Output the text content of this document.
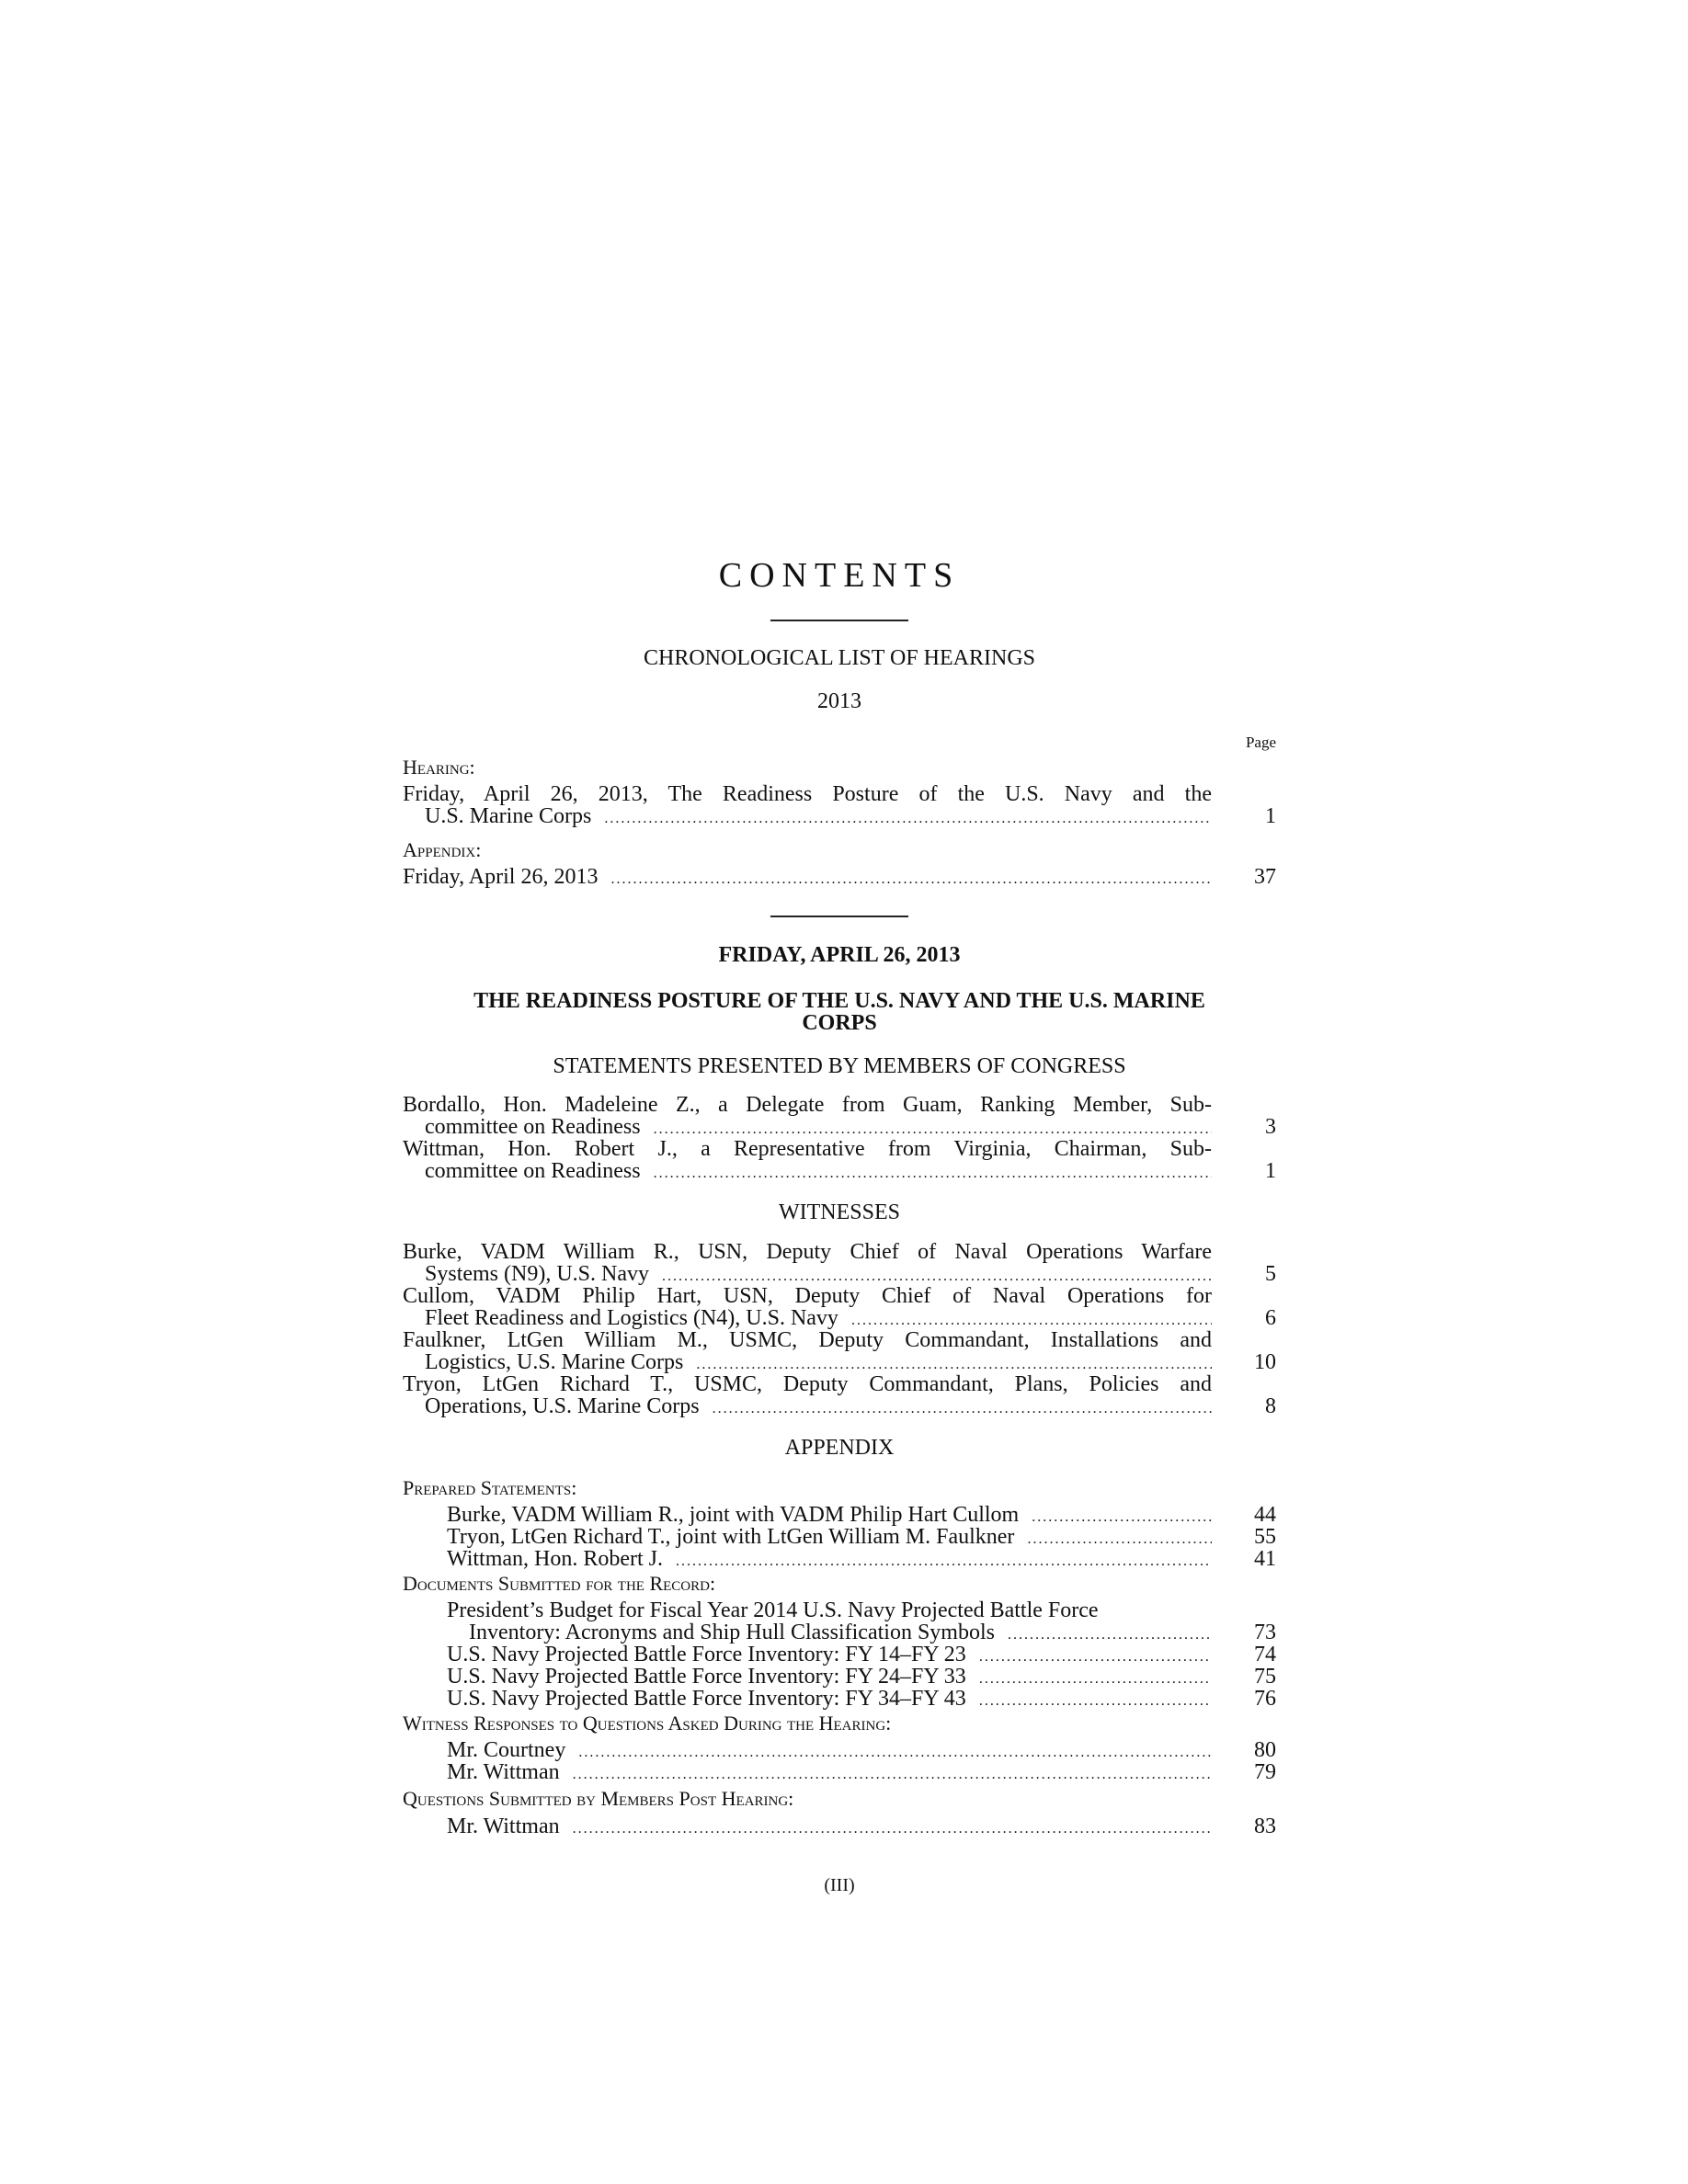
CONTENTS
CHRONOLOGICAL LIST OF HEARINGS
2013
Page
Hearing:
Friday, April 26, 2013, The Readiness Posture of the U.S. Navy and the
U.S. Marine Corps .....	1
Appendix:
Friday, April 26, 2013 .....	37
FRIDAY, APRIL 26, 2013
THE READINESS POSTURE OF THE U.S. NAVY AND THE U.S. MARINE
CORPS
STATEMENTS PRESENTED BY MEMBERS OF CONGRESS
Bordallo, Hon. Madeleine Z., a Delegate from Guam, Ranking Member, Sub-
committee on Readiness .....	3
Wittman, Hon. Robert J., a Representative from Virginia, Chairman, Sub-
committee on Readiness .....	1
WITNESSES
Burke, VADM William R., USN, Deputy Chief of Naval Operations Warfare
Systems (N9), U.S. Navy .....	5
Cullom, VADM Philip Hart, USN, Deputy Chief of Naval Operations for
Fleet Readiness and Logistics (N4), U.S. Navy .....	6
Faulkner, LtGen William M., USMC, Deputy Commandant, Installations and
Logistics, U.S. Marine Corps .....	10
Tryon, LtGen Richard T., USMC, Deputy Commandant, Plans, Policies and
Operations, U.S. Marine Corps .....	8
APPENDIX
Prepared Statements:
Burke, VADM William R., joint with VADM Philip Hart Cullom .....	44
Tryon, LtGen Richard T., joint with LtGen William M. Faulkner .....	55
Wittman, Hon. Robert J. .....	41
Documents Submitted for the Record:
President’s Budget for Fiscal Year 2014 U.S. Navy Projected Battle Force
Inventory: Acronyms and Ship Hull Classification Symbols .....	73
U.S. Navy Projected Battle Force Inventory: FY 14–FY 23 .....	74
U.S. Navy Projected Battle Force Inventory: FY 24–FY 33 .....	75
U.S. Navy Projected Battle Force Inventory: FY 34–FY 43 .....	76
Witness Responses to Questions Asked During the Hearing:
Mr. Courtney .....	80
Mr. Wittman .....	79
Questions Submitted by Members Post Hearing:
Mr. Wittman .....	83
(III)
